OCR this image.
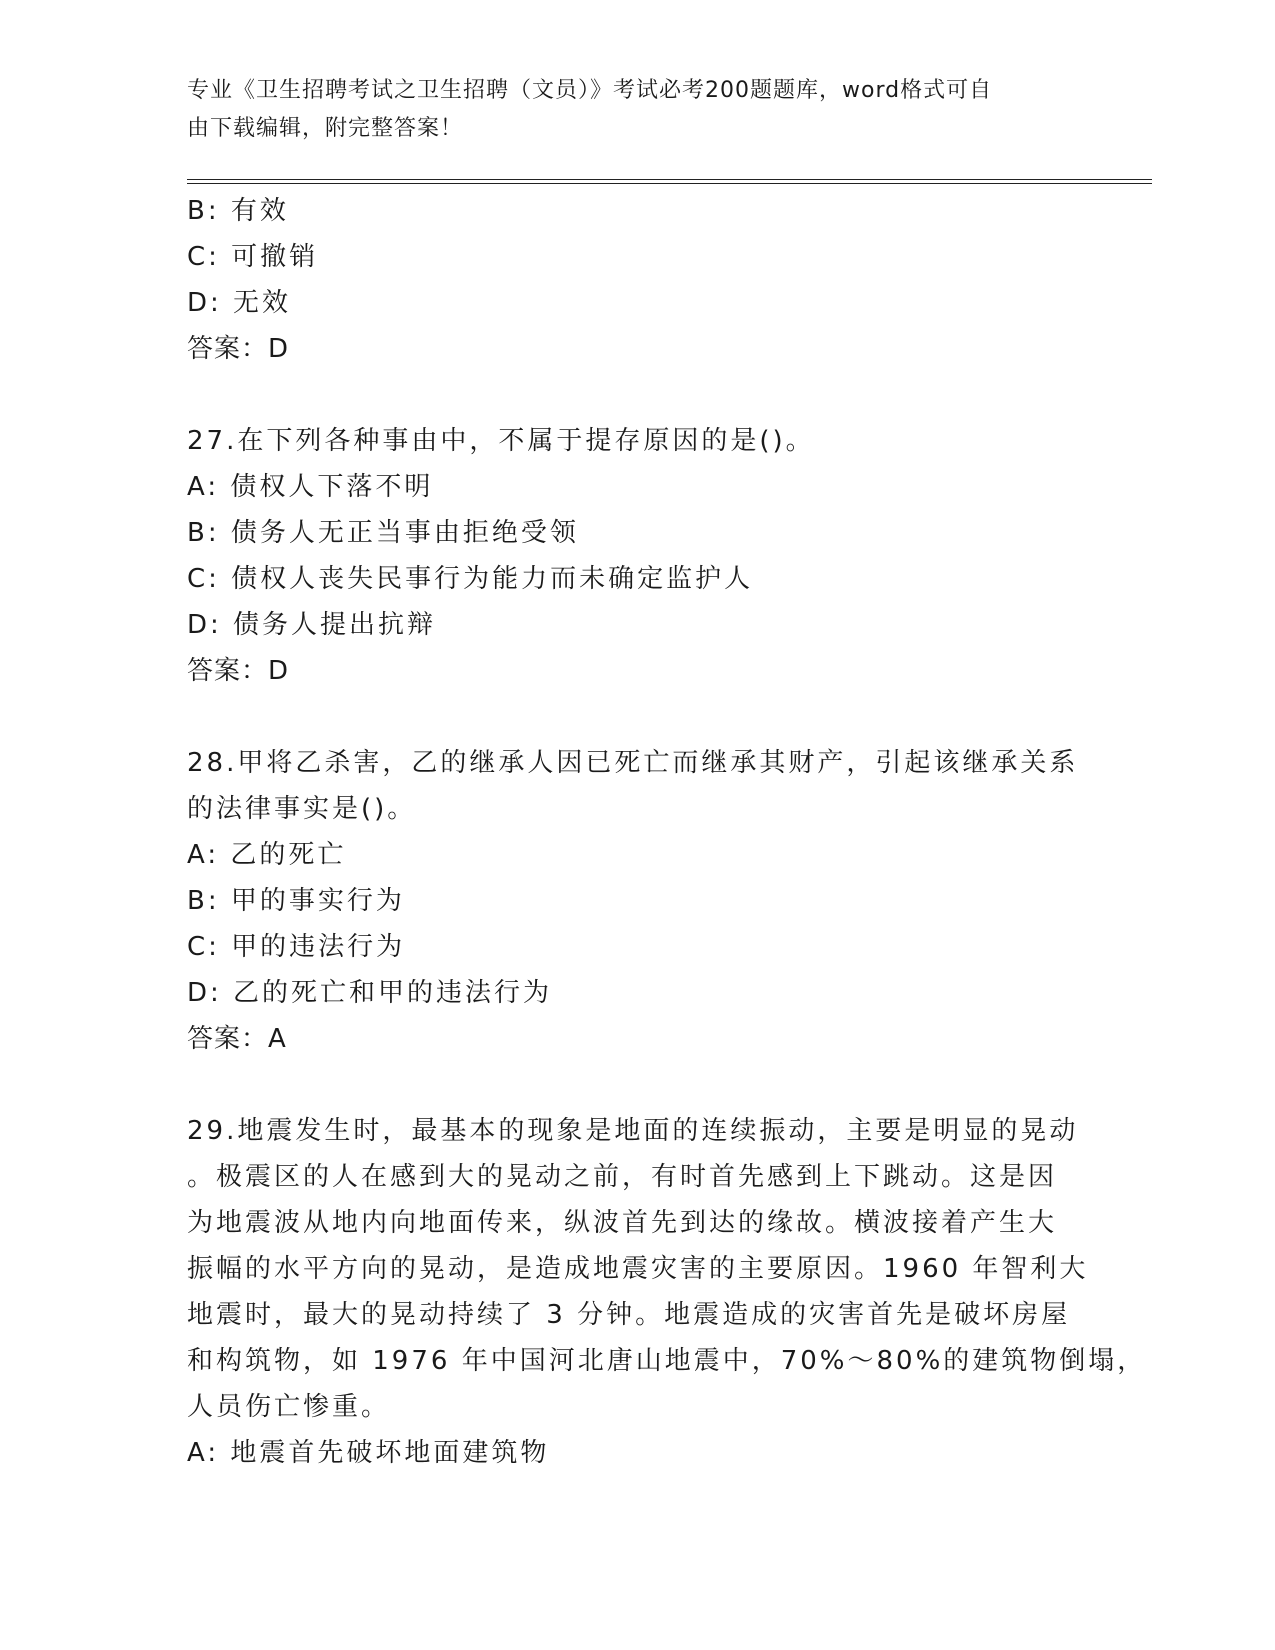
专业《卫生招聘考试之卫生招聘（文员）》考试必考200题题库，word格式可自
由下载编辑，附完整答案！
B: 有效
C: 可撤销
D: 无效
答案：D
27.在下列各种事由中，不属于提存原因的是()。
A: 债权人下落不明
B: 债务人无正当事由拒绝受领
C: 债权人丧失民事行为能力而未确定监护人
D: 债务人提出抗辩
答案：D
28.甲将乙杀害，乙的继承人因已死亡而继承其财产，引起该继承关系
的法律事实是()。
A: 乙的死亡
B: 甲的事实行为
C: 甲的违法行为
D: 乙的死亡和甲的违法行为
答案：A
29.地震发生时，最基本的现象是地面的连续振动，主要是明显的晃动
。极震区的人在感到大的晃动之前，有时首先感到上下跳动。这是因
为地震波从地内向地面传来，纵波首先到达的缘故。横波接着产生大
振幅的水平方向的晃动，是造成地震灾害的主要原因。1960 年智利大
地震时，最大的晃动持续了 3 分钟。地震造成的灾害首先是破坏房屋
和构筑物，如 1976 年中国河北唐山地震中，70%～80%的建筑物倒塌，
人员伤亡惨重。
A: 地震首先破坏地面建筑物
